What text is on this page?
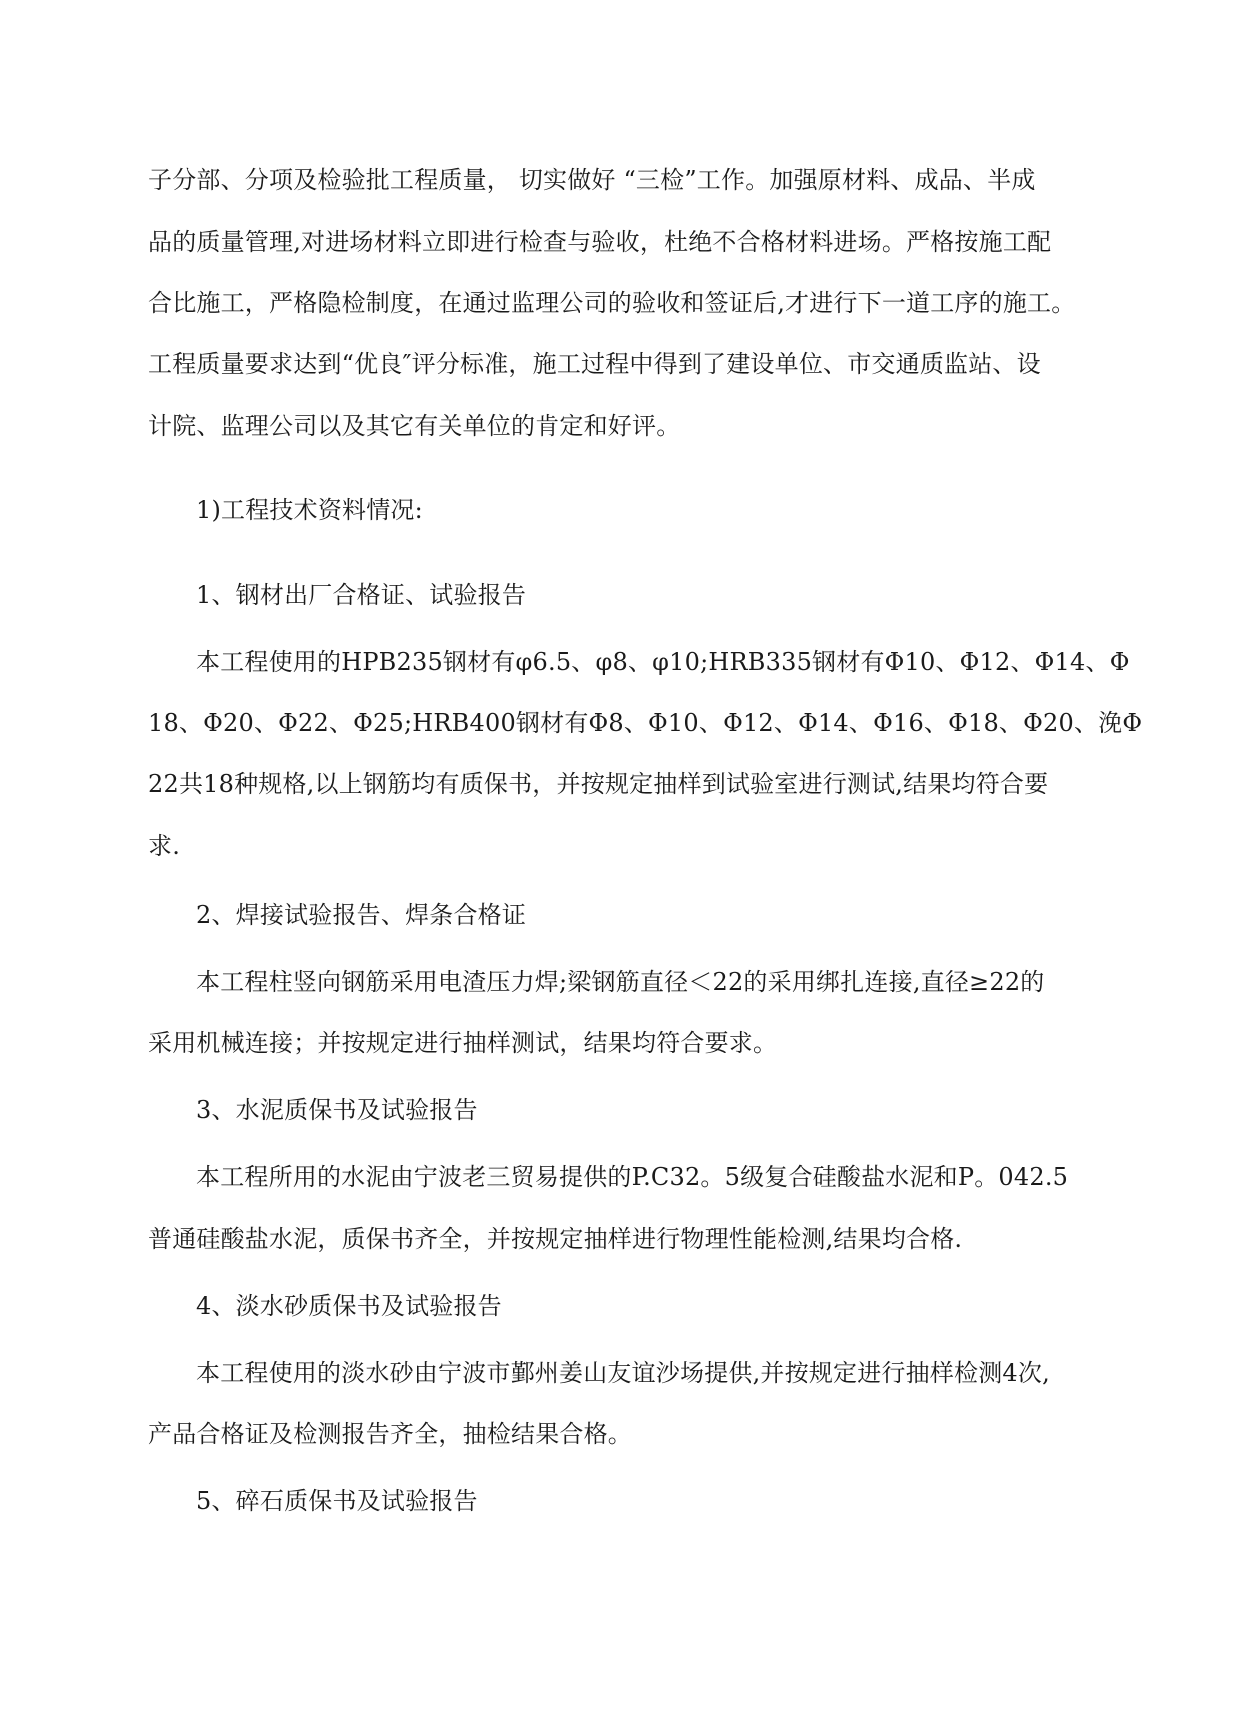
子分部、分项及检验批工程质量， 切实做好 “三检”工作。加强原材料、成品、半成
品的质量管理,对进场材料立即进行检查与验收，杜绝不合格材料进场。严格按施工配
合比施工，严格隐检制度，在通过监理公司的验收和签证后,才进行下一道工序的施工。
工程质量要求达到“优良″评分标准，施工过程中得到了建设单位、市交通质监站、设
计院、监理公司以及其它有关单位的肯定和好评。
1)工程技术资料情况:
1、钢材出厂合格证、试验报告
本工程使用的HPB235钢材有φ6.5、φ8、φ10;HRB335钢材有Φ10、Φ12、Φ14、Φ
18、Φ20、Φ22、Φ25;HRB400钢材有Φ8、Φ10、Φ12、Φ14、Φ16、Φ18、Φ20、浼Φ
22共18种规格,以上钢筋均有质保书，并按规定抽样到试验室进行测试,结果均符合要
求.
2、焊接试验报告、焊条合格证
本工程柱竖向钢筋采用电渣压力焊;梁钢筋直径＜22的采用绑扎连接,直径≥22的
采用机械连接；并按规定进行抽样测试，结果均符合要求。
3、水泥质保书及试验报告
本工程所用的水泥由宁波老三贸易提供的P.C32。5级复合硅酸盐水泥和P。042.5
普通硅酸盐水泥，质保书齐全，并按规定抽样进行物理性能检测,结果均合格.
4、淡水砂质保书及试验报告
本工程使用的淡水砂由宁波市鄞州姜山友谊沙场提供,并按规定进行抽样检测4次,
产品合格证及检测报告齐全，抽检结果合格。
5、碎石质保书及试验报告
